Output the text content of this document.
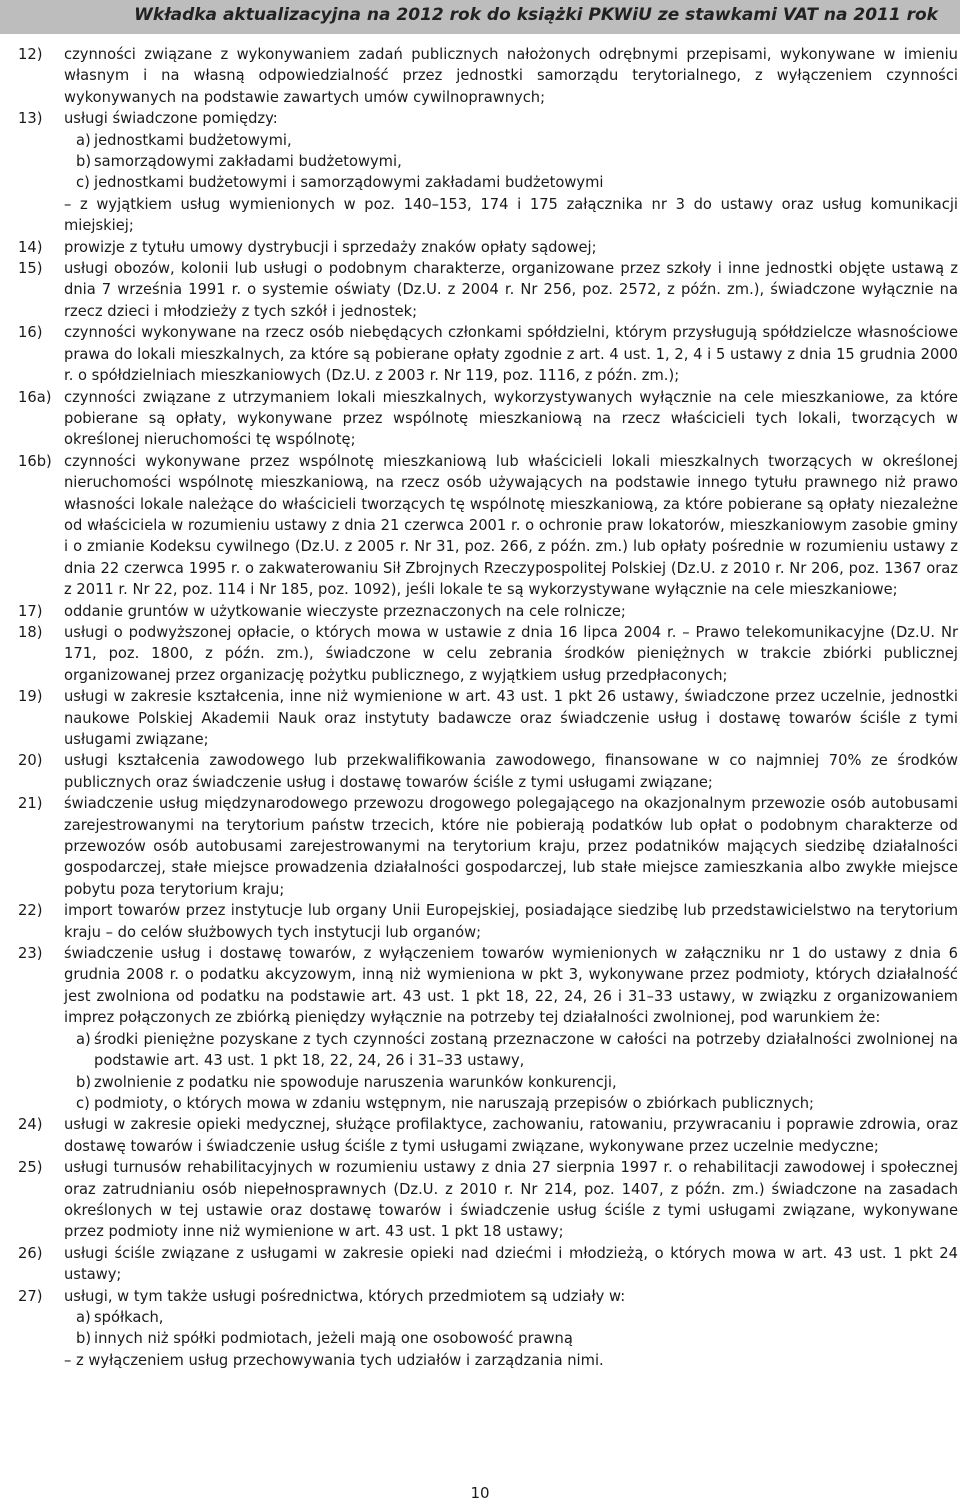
Wkładka aktualizacyjna na 2012 rok do książki PKWiU ze stawkami VAT na 2011 rok
12)	czynności związane z wykonywaniem zadań publicznych nałożonych odrębnymi przepisami, wykonywane w imieniu własnym i na własną odpowiedzialność przez jednostki samorządu terytorialnego, z wyłączeniem czynności wykonywanych na podstawie zawartych umów cywilnoprawnych;
13)	usługi świadczone pomiędzy:
a) jednostkami budżetowymi,
b) samorządowymi zakładami budżetowymi,
c) jednostkami budżetowymi i samorządowymi zakładami budżetowymi
– z wyjątkiem usług wymienionych w poz. 140–153, 174 i 175 załącznika nr 3 do ustawy oraz usług komunikacji miejskiej;
14)	prowizje z tytułu umowy dystrybucji i sprzedaży znaków opłaty sądowej;
15)	usługi obozów, kolonii lub usługi o podobnym charakterze, organizowane przez szkoły i inne jednostki objęte ustawą z dnia 7 września 1991 r. o systemie oświaty (Dz.U. z 2004 r. Nr 256, poz. 2572, z późn. zm.), świadczone wyłącznie na rzecz dzieci i młodzieży z tych szkół i jednostek;
16)	czynności wykonywane na rzecz osób niebędących członkami spółdzielni, którym przysługują spółdzielcze własnościowe prawa do lokali mieszkalnych, za które są pobierane opłaty zgodnie z art. 4 ust. 1, 2, 4 i 5 ustawy z dnia 15 grudnia 2000 r. o spółdzielniach mieszkaniowych (Dz.U. z 2003 r. Nr 119, poz. 1116, z późn. zm.);
16a) czynności związane z utrzymaniem lokali mieszkalnych, wykorzystywanych wyłącznie na cele mieszkaniowe, za które pobierane są opłaty, wykonywane przez wspólnotę mieszkaniową na rzecz właścicieli tych lokali, tworzących w określonej nieruchomości tę wspólnotę;
16b) czynności wykonywane przez wspólnotę mieszkaniową lub właścicieli lokali mieszkalnych tworzących w określonej nieruchomości wspólnotę mieszkaniową, na rzecz osób używających na podstawie innego tytułu prawnego niż prawo własności lokale należące do właścicieli tworzących tę wspólnotę mieszkaniową, za które pobierane są opłaty niezależne od właściciela w rozumieniu ustawy z dnia 21 czerwca 2001 r. o ochronie praw lokatorów, mieszkaniowym zasobie gminy i o zmianie Kodeksu cywilnego (Dz.U. z 2005 r. Nr 31, poz. 266, z późn. zm.) lub opłaty pośrednie w rozumieniu ustawy z dnia 22 czerwca 1995 r. o zakwaterowaniu Sił Zbrojnych Rzeczypospolitej Polskiej (Dz.U. z 2010 r. Nr 206, poz. 1367 oraz z 2011 r. Nr 22, poz. 114 i Nr 185, poz. 1092), jeśli lokale te są wykorzystywane wyłącznie na cele mieszkaniowe;
17)	oddanie gruntów w użytkowanie wieczyste przeznaczonych na cele rolnicze;
18)	usługi o podwyższonej opłacie, o których mowa w ustawie z dnia 16 lipca 2004 r. – Prawo telekomunikacyjne (Dz.U. Nr 171, poz. 1800, z późn. zm.), świadczone w celu zebrania środków pieniężnych w trakcie zbiórki publicznej organizowanej przez organizację pożytku publicznego, z wyjątkiem usług przedpłaconych;
19)	usługi w zakresie kształcenia, inne niż wymienione w art. 43 ust. 1 pkt 26 ustawy, świadczone przez uczelnie, jednostki naukowe Polskiej Akademii Nauk oraz instytuty badawcze oraz świadczenie usług i dostawę towarów ściśle z tymi usługami związane;
20)	usługi kształcenia zawodowego lub przekwalifikowania zawodowego, finansowane w co najmniej 70% ze środków publicznych oraz świadczenie usług i dostawę towarów ściśle z tymi usługami związane;
21)	świadczenie usług międzynarodowego przewozu drogowego polegającego na okazjonalnym przewozie osób autobusami zarejestrowanymi na terytorium państw trzecich, które nie pobierają podatków lub opłat o podobnym charakterze od przewozów osób autobusami zarejestrowanymi na terytorium kraju, przez podatników mających siedzibę działalności gospodarczej, stałe miejsce prowadzenia działalności gospodarczej, lub stałe miejsce zamieszkania albo zwykłe miejsce pobytu poza terytorium kraju;
22)	import towarów przez instytucje lub organy Unii Europejskiej, posiadające siedzibę lub przedstawicielstwo na terytorium kraju – do celów służbowych tych instytucji lub organów;
23)	świadczenie usług i dostawę towarów, z wyłączeniem towarów wymienionych w załączniku nr 1 do ustawy z dnia 6 grudnia 2008 r. o podatku akcyzowym, inną niż wymieniona w pkt 3, wykonywane przez podmioty, których działalność jest zwolniona od podatku na podstawie art. 43 ust. 1 pkt 18, 22, 24, 26 i 31–33 ustawy, w związku z organizowaniem imprez połączonych ze zbiórką pieniędzy wyłącznie na potrzeby tej działalności zwolnionej, pod warunkiem że:
a) środki pieniężne pozyskane z tych czynności zostaną przeznaczone w całości na potrzeby działalności zwolnionej na podstawie art. 43 ust. 1 pkt 18, 22, 24, 26 i 31–33 ustawy,
b) zwolnienie z podatku nie spowoduje naruszenia warunków konkurencji,
c) podmioty, o których mowa w zdaniu wstępnym, nie naruszają przepisów o zbiórkach publicznych;
24)	usługi w zakresie opieki medycznej, służące profilaktyce, zachowaniu, ratowaniu, przywracaniu i poprawie zdrowia, oraz dostawę towarów i świadczenie usług ściśle z tymi usługami związane, wykonywane przez uczelnie medyczne;
25)	usługi turnusów rehabilitacyjnych w rozumieniu ustawy z dnia 27 sierpnia 1997 r. o rehabilitacji zawodowej i społecznej oraz zatrudnianiu osób niepełnosprawnych (Dz.U. z 2010 r. Nr 214, poz. 1407, z późn. zm.) świadczone na zasadach określonych w tej ustawie oraz dostawę towarów i świadczenie usług ściśle z tymi usługami związane, wykonywane przez podmioty inne niż wymienione w art. 43 ust. 1 pkt 18 ustawy;
26)	usługi ściśle związane z usługami w zakresie opieki nad dziećmi i młodzieżą, o których mowa w art. 43 ust. 1 pkt 24 ustawy;
27)	usługi, w tym także usługi pośrednictwa, których przedmiotem są udziały w:
a) spółkach,
b) innych niż spółki podmiotach, jeżeli mają one osobowość prawną
– z wyłączeniem usług przechowywania tych udziałów i zarządzania nimi.
10
